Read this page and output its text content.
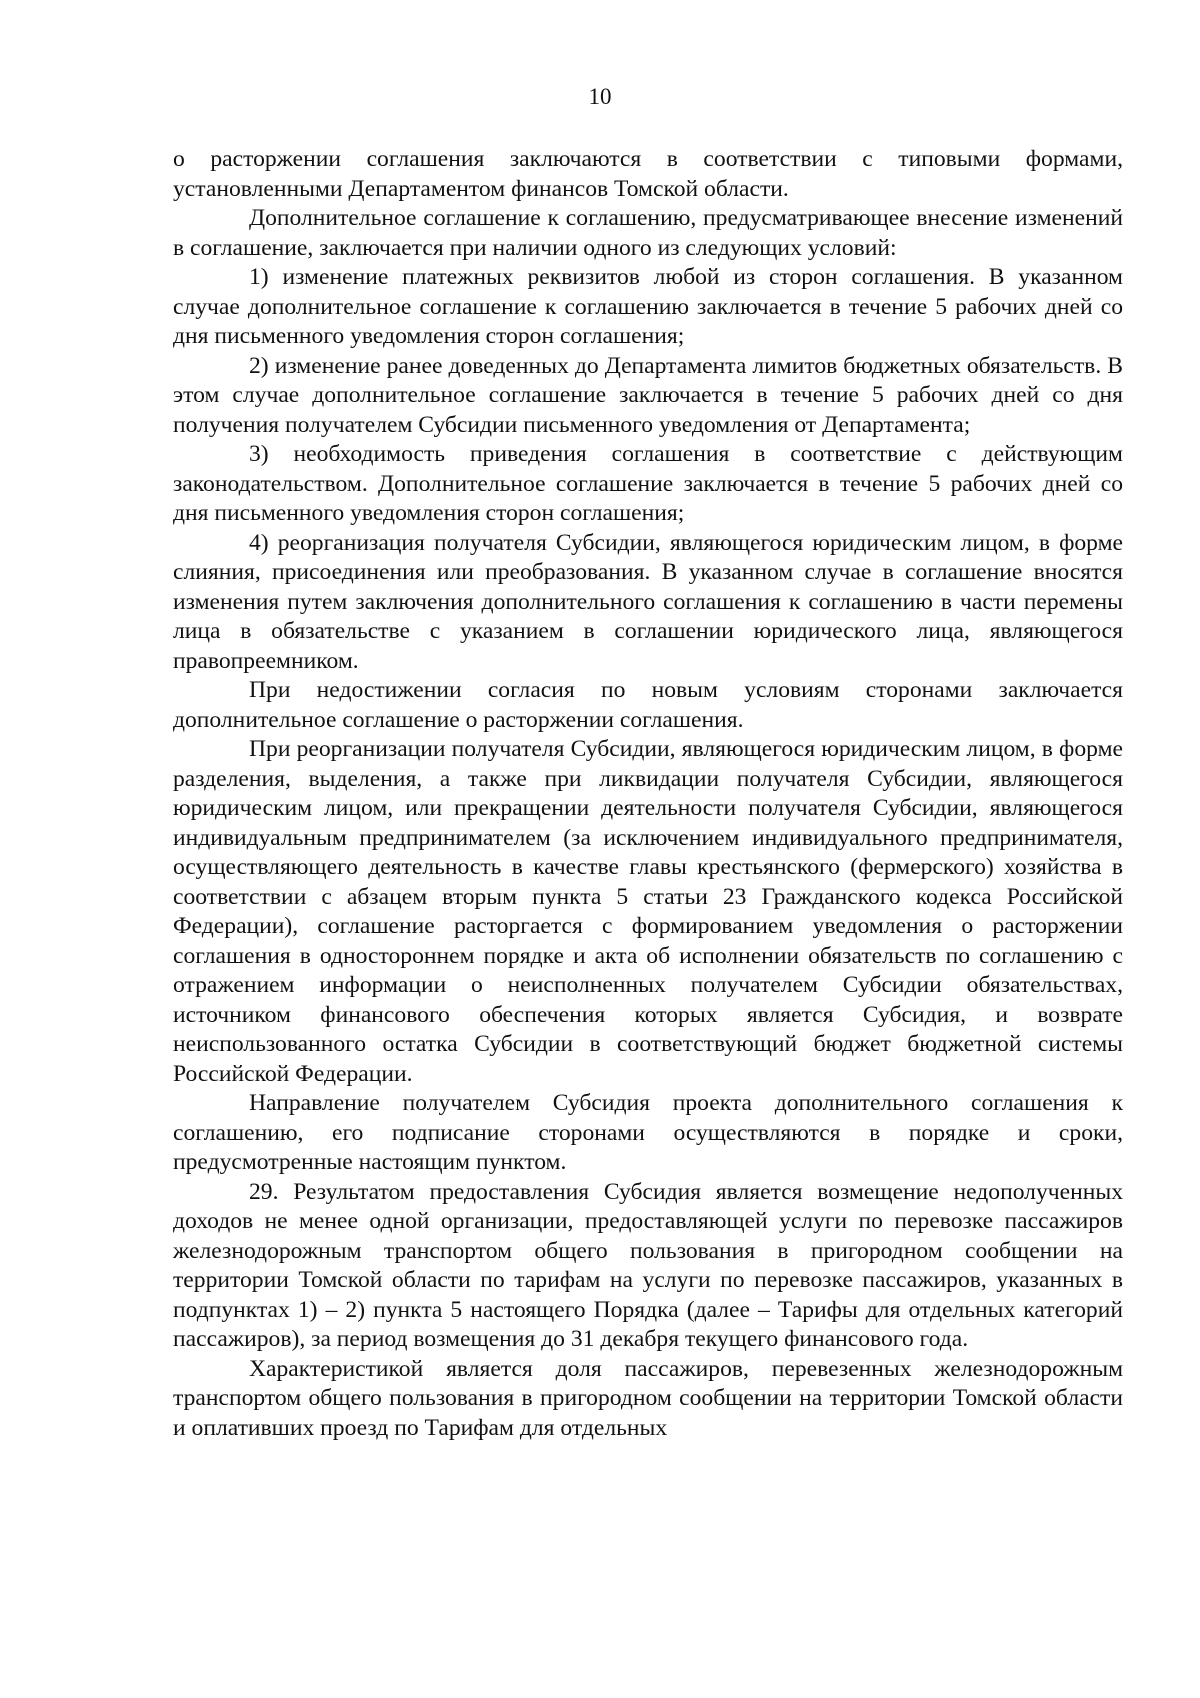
10

о расторжении соглашения заключаются в соответствии с типовыми формами, установленными Департаментом финансов Томской области.

Дополнительное соглашение к соглашению, предусматривающее внесение изменений в соглашение, заключается при наличии одного из следующих условий:

1) изменение платежных реквизитов любой из сторон соглашения. В указанном случае дополнительное соглашение к соглашению заключается в течение 5 рабочих дней со дня письменного уведомления сторон соглашения;

2) изменение ранее доведенных до Департамента лимитов бюджетных обязательств. В этом случае дополнительное соглашение заключается в течение 5 рабочих дней со дня получения получателем Субсидии письменного уведомления от Департамента;

3) необходимость приведения соглашения в соответствие с действующим законодательством. Дополнительное соглашение заключается в течение 5 рабочих дней со дня письменного уведомления сторон соглашения;

4) реорганизация получателя Субсидии, являющегося юридическим лицом, в форме слияния, присоединения или преобразования. В указанном случае в соглашение вносятся изменения путем заключения дополнительного соглашения к соглашению в части перемены лица в обязательстве с указанием в соглашении юридического лица, являющегося правопреемником.

При недостижении согласия по новым условиям сторонами заключается дополнительное соглашение о расторжении соглашения.

При реорганизации получателя Субсидии, являющегося юридическим лицом, в форме разделения, выделения, а также при ликвидации получателя Субсидии, являющегося юридическим лицом, или прекращении деятельности получателя Субсидии, являющегося индивидуальным предпринимателем (за исключением индивидуального предпринимателя, осуществляющего деятельность в качестве главы крестьянского (фермерского) хозяйства в соответствии с абзацем вторым пункта 5 статьи 23 Гражданского кодекса Российской Федерации), соглашение расторгается с формированием уведомления о расторжении соглашения в одностороннем порядке и акта об исполнении обязательств по соглашению с отражением информации о неисполненных получателем Субсидии обязательствах, источником финансового обеспечения которых является Субсидия, и возврате неиспользованного остатка Субсидии в соответствующий бюджет бюджетной системы Российской Федерации.

Направление получателем Субсидия проекта дополнительного соглашения к соглашению, его подписание сторонами осуществляются в порядке и сроки, предусмотренные настоящим пунктом.

29. Результатом предоставления Субсидия является возмещение недополученных доходов не менее одной организации, предоставляющей услуги по перевозке пассажиров железнодорожным транспортом общего пользования в пригородном сообщении на территории Томской области по тарифам на услуги по перевозке пассажиров, указанных в подпунктах 1) – 2) пункта 5 настоящего Порядка (далее – Тарифы для отдельных категорий пассажиров), за период возмещения до 31 декабря текущего финансового года.

Характеристикой является доля пассажиров, перевезенных железнодорожным транспортом общего пользования в пригородном сообщении на территории Томской области и оплативших проезд по Тарифам для отдельных
